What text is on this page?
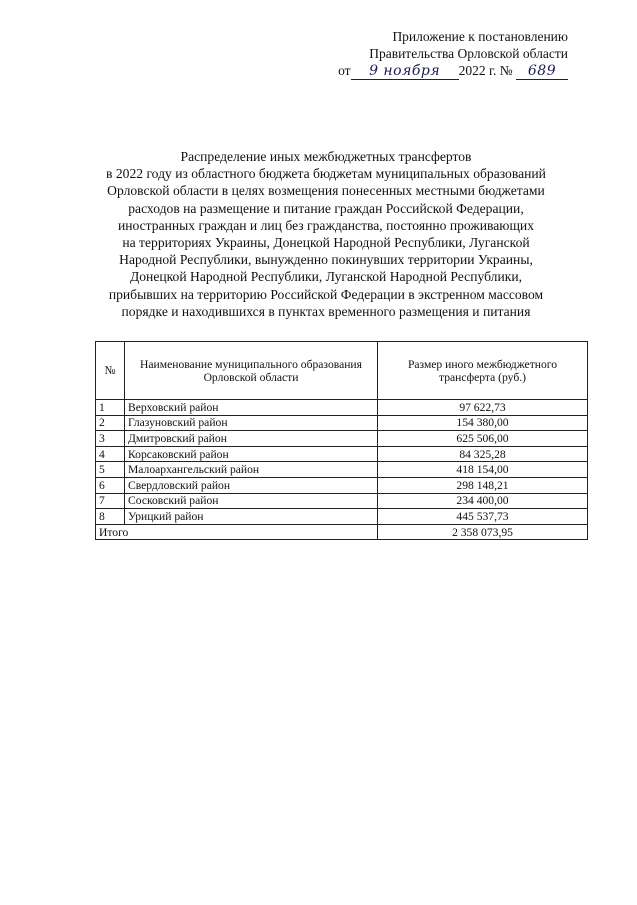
Приложение к постановлению
Правительства Орловской области
от 9 ноября 2022 г. № 689
Распределение иных межбюджетных трансфертов
в 2022 году из областного бюджета бюджетам муниципальных образований
Орловской области в целях возмещения понесенных местными бюджетами
расходов на размещение и питание граждан Российской Федерации,
иностранных граждан и лиц без гражданства, постоянно проживающих
на территориях Украины, Донецкой Народной Республики, Луганской
Народной Республики, вынужденно покинувших территории Украины,
Донецкой Народной Республики, Луганской Народной Республики,
прибывших на территорию Российской Федерации в экстренном массовом
порядке и находившихся в пунктах временного размещения и питания
№	Наименование муниципального образования Орловской области	Размер иного межбюджетного трансферта (руб.)
1	Верховский район	97 622,73
2	Глазуновский район	154 380,00
3	Дмитровский район	625 506,00
4	Корсаковский район	84 325,28
5	Малоархангельский район	418 154,00
6	Свердловский район	298 148,21
7	Сосковский район	234 400,00
8	Урицкий район	445 537,73
Итого		2 358 073,95
